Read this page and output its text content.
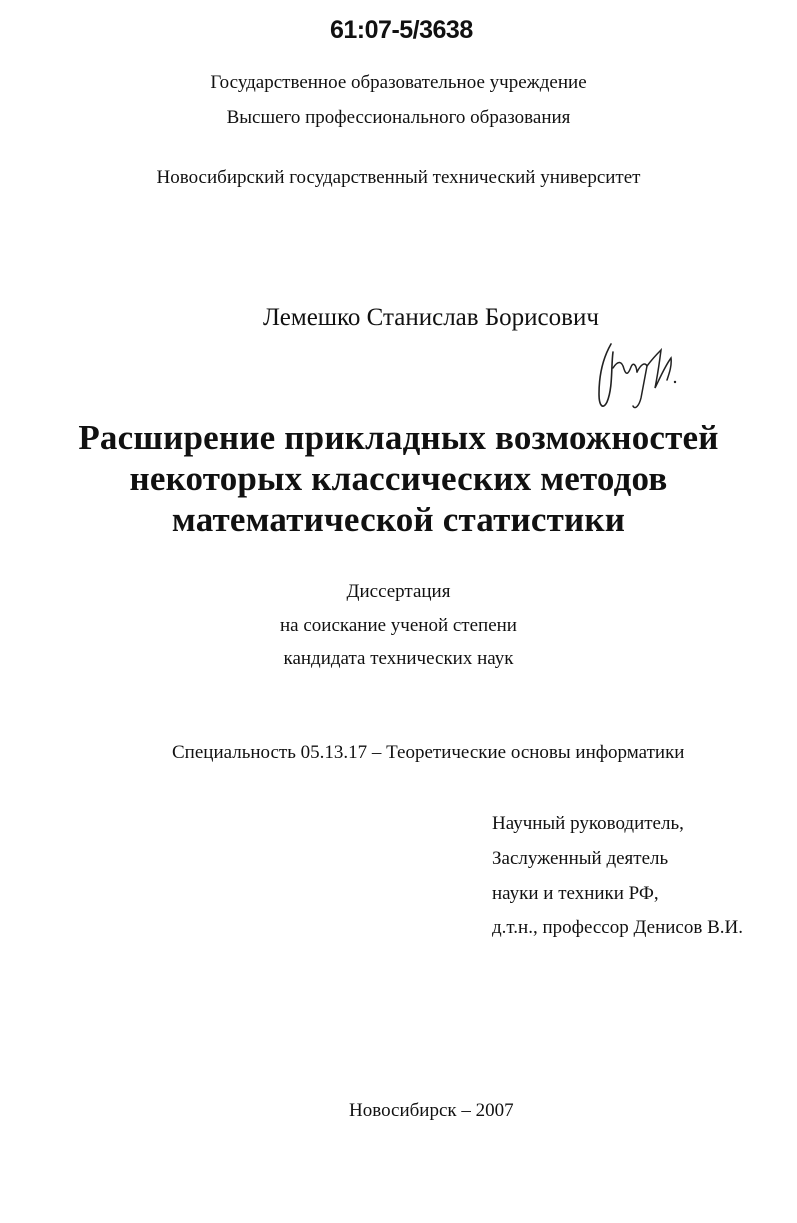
61:07-5/3638
Государственное образовательное учреждение
Высшего профессионального образования
Новосибирский государственный технический университет
Лемешко Станислав Борисович
Расширение прикладных возможностей
некоторых классических методов
математической статистики
Диссертация
на соискание ученой степени
кандидата технических наук
Специальность 05.13.17 – Теоретические основы информатики
Научный руководитель,
Заслуженный деятель
науки и техники РФ,
д.т.н., профессор Денисов В.И.
Новосибирск – 2007
